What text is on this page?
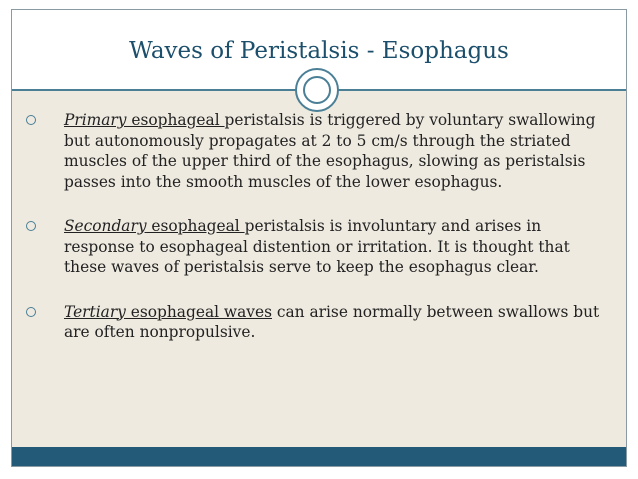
Waves of Peristalsis - Esophagus
Primary esophageal peristalsis is triggered by voluntary swallowing but autonomously propagates at 2 to 5 cm/s through the striated muscles of the upper third of the esophagus, slowing as peristalsis passes into the smooth muscles of the lower esophagus.
Secondary esophageal peristalsis is involuntary and arises in response to esophageal distention or irritation. It is thought that these waves of peristalsis serve to keep the esophagus clear.
Tertiary esophageal waves can arise normally between swallows but are often nonpropulsive.
